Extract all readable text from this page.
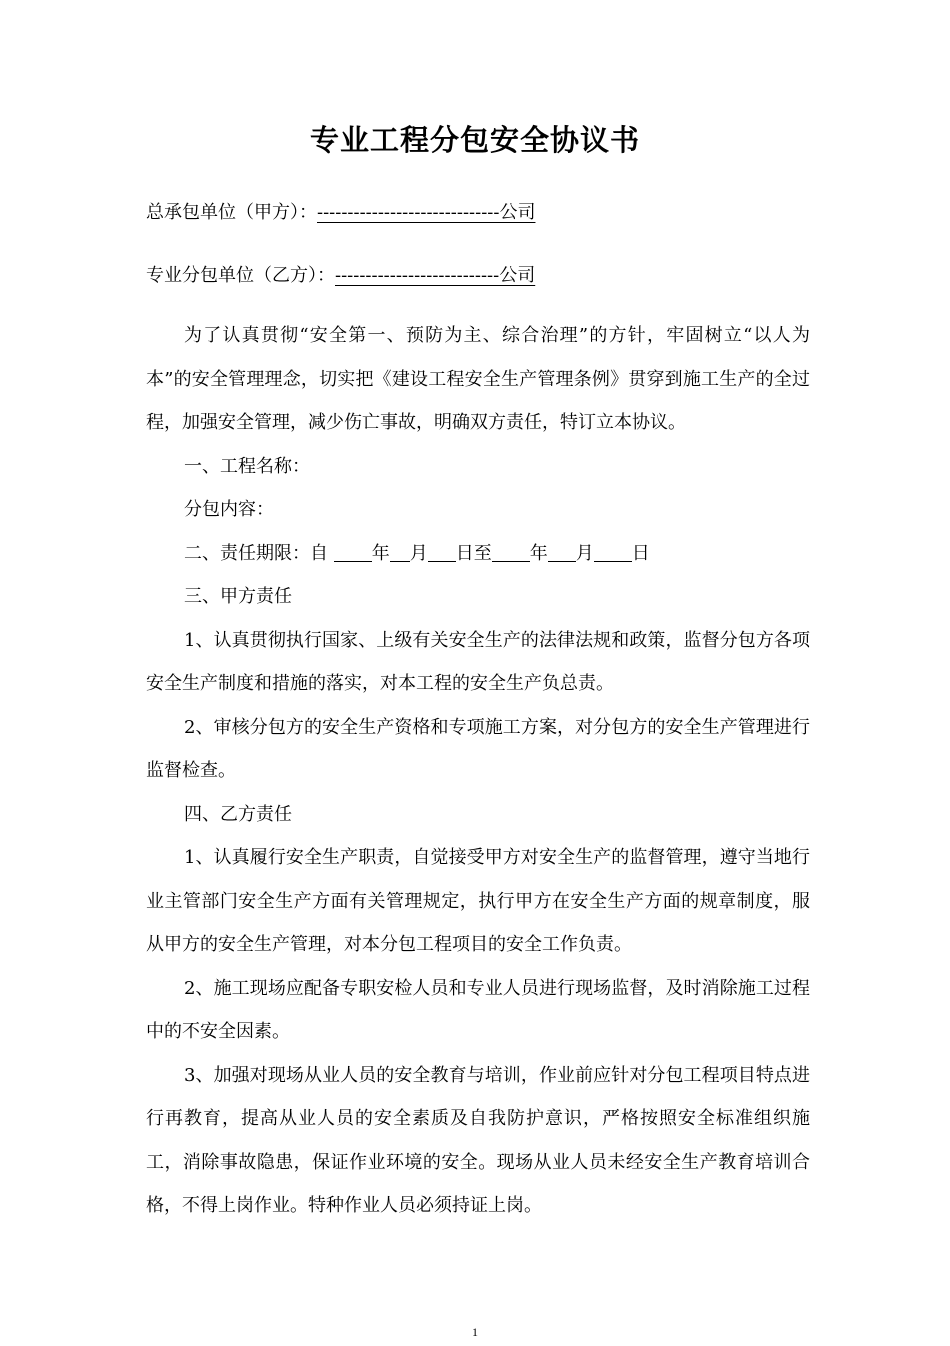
专业工程分包安全协议书
总承包单位（甲方）：------------------------------公司
专业分包单位（乙方）：---------------------------公司

为了认真贯彻“安全第一、预防为主、综合治理”的方针，牢固树立“以人为本”的安全管理理念，切实把《建设工程安全生产管理条例》贯穿到施工生产的全过程，加强安全管理，减少伤亡事故，明确双方责任，特订立本协议。

一、工程名称：

分包内容：

二、责任期限：自 年 月 日至 年 月 日

三、甲方责任

1、认真贯彻执行国家、上级有关安全生产的法律法规和政策，监督分包方各项安全生产制度和措施的落实，对本工程的安全生产负总责。

2、审核分包方的安全生产资格和专项施工方案，对分包方的安全生产管理进行监督检查。

四、乙方责任

1、认真履行安全生产职责，自觉接受甲方对安全生产的监督管理，遵守当地行业主管部门安全生产方面有关管理规定，执行甲方在安全生产方面的规章制度，服从甲方的安全生产管理，对本分包工程项目的安全工作负责。

2、施工现场应配备专职安检人员和专业人员进行现场监督，及时消除施工过程中的不安全因素。

3、加强对现场从业人员的安全教育与培训，作业前应针对分包工程项目特点进行再教育，提高从业人员的安全素质及自我防护意识，严格按照安全标准组织施工，消除事故隐患，保证作业环境的安全。现场从业人员未经安全生产教育培训合格，不得上岗作业。特种作业人员必须持证上岗。

1
